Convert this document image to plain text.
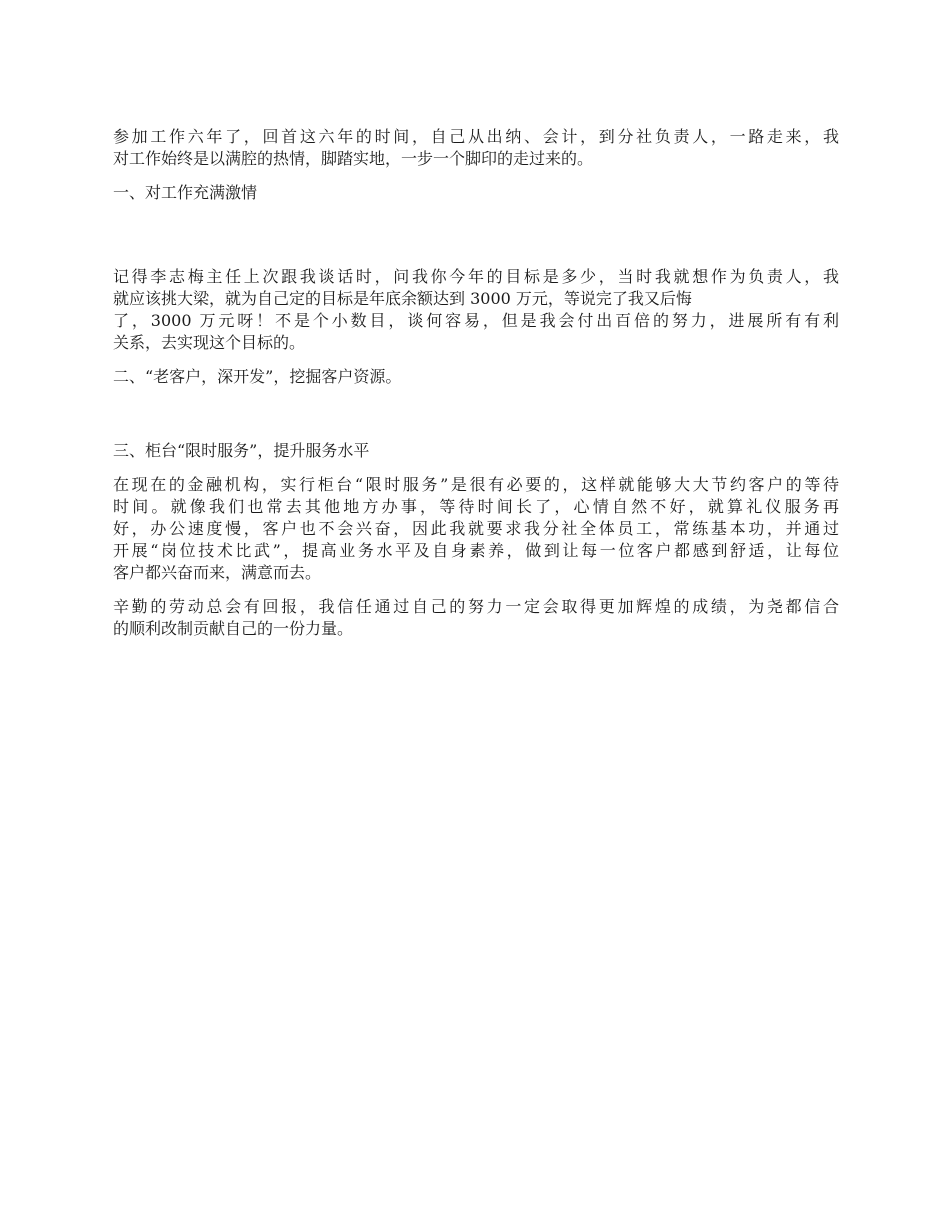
参加工作六年了，回首这六年的时间，自己从出纳、会计，到分社负责人，一路走来，我
对工作始终是以满腔的热情，脚踏实地，一步一个脚印的走过来的。

一、对工作充满激情

记得李志梅主任上次跟我谈话时，问我你今年的目标是多少，当时我就想作为负责人，我
就应该挑大梁，就为自己定的目标是年底余额达到 3000 万元，等说完了我又后悔
了，3000 万元呀！不是个小数目，谈何容易，但是我会付出百倍的努力，进展所有有利
关系，去实现这个目标的。

二、“老客户，深开发”，挖掘客户资源。

三、柜台“限时服务”，提升服务水平

在现在的金融机构，实行柜台“限时服务”是很有必要的，这样就能够大大节约客户的等待
时间。就像我们也常去其他地方办事，等待时间长了，心情自然不好，就算礼仪服务再
好，办公速度慢，客户也不会兴奋，因此我就要求我分社全体员工，常练基本功，并通过
开展“岗位技术比武”，提高业务水平及自身素养，做到让每一位客户都感到舒适，让每位
客户都兴奋而来，满意而去。

辛勤的劳动总会有回报，我信任通过自己的努力一定会取得更加辉煌的成绩，为尧都信合
的顺利改制贡献自己的一份力量。
